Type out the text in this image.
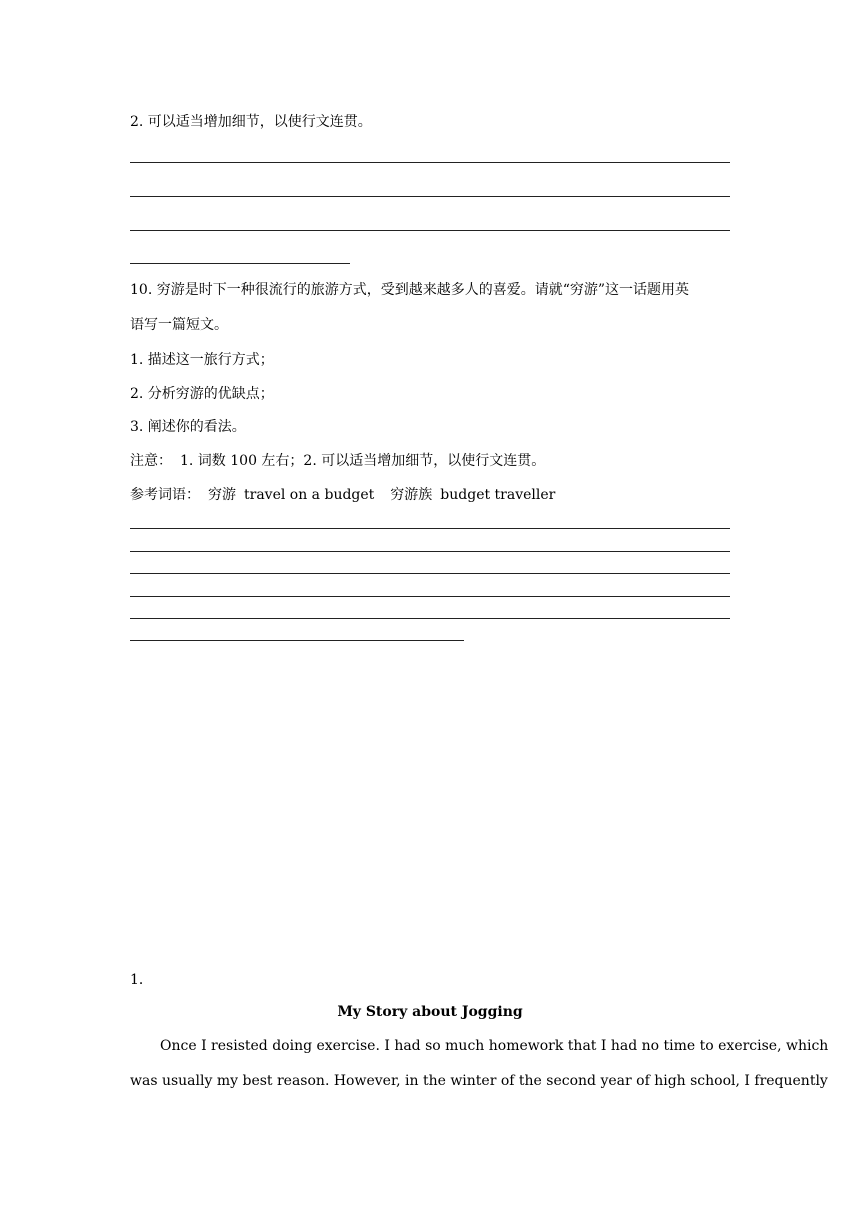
2. 可以适当增加细节，以使行文连贯。
10. 穷游是时下一种很流行的旅游方式，受到越来越多人的喜爱。请就“穷游”这一话题用英
语写一篇短文。
1. 描述这一旅行方式；
2. 分析穷游的优缺点；
3. 阐述你的看法。
注意： 1. 词数 100 左右；2. 可以适当增加细节，以使行文连贯。
参考词语： 穷游 travel on a budget 穷游族 budget traveller
1．
My Story about Jogging
Once I resisted doing exercise. I had so much homework that I had no time to exercise, which
was usually my best reason. However, in the winter of the second year of high school, I frequently
